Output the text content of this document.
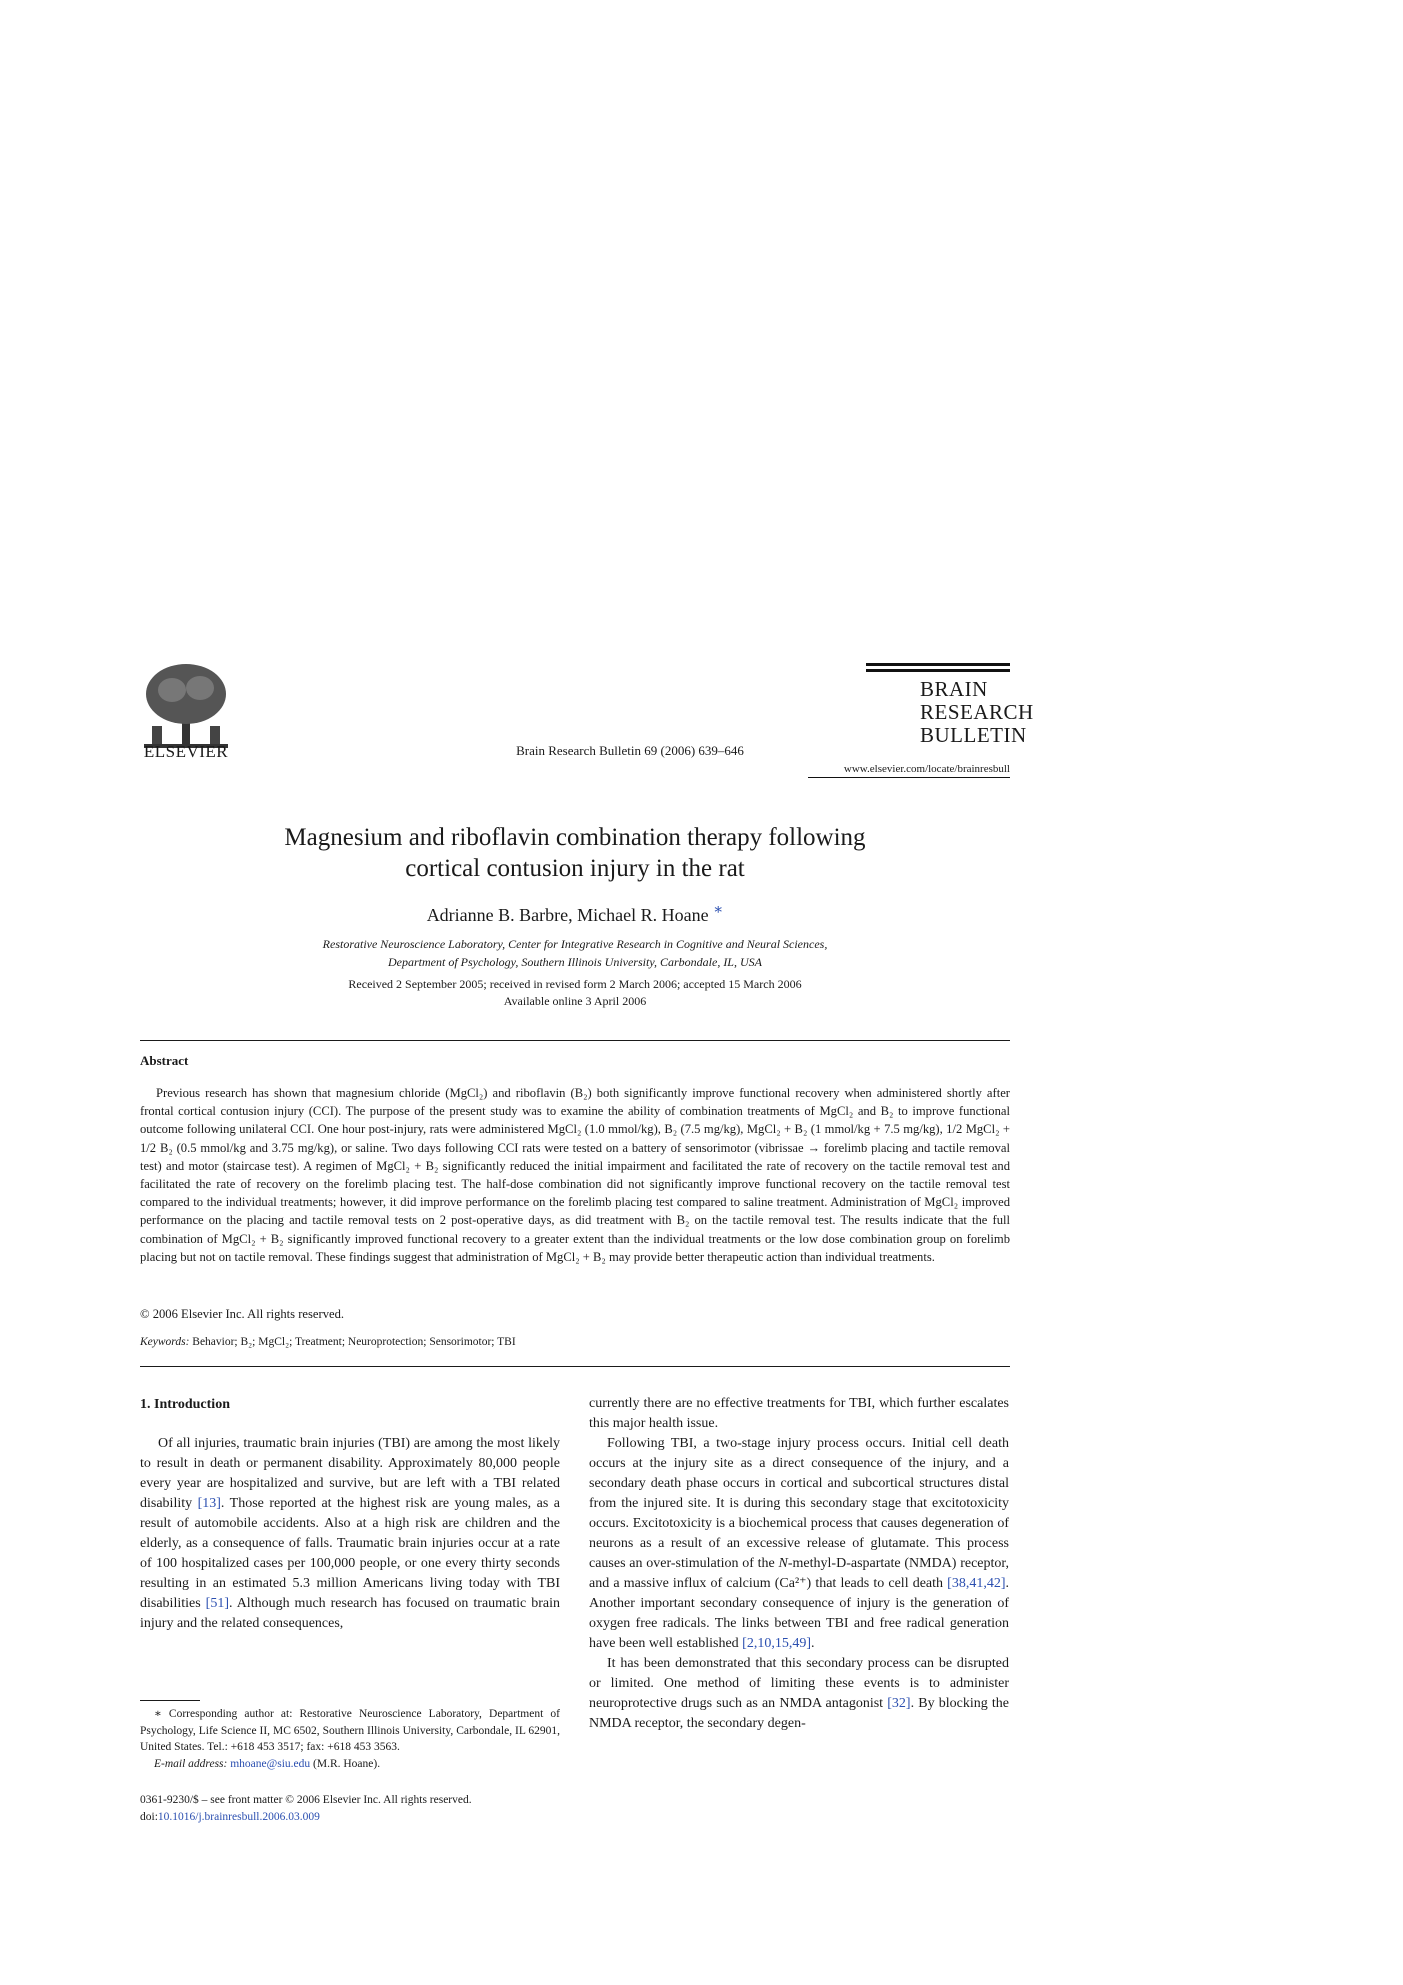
ELSEVIER	Brain Research Bulletin 69 (2006) 639–646
BRAIN
RESEARCH
BULLETIN
www.elsevier.com/locate/brainresbull
Magnesium and riboflavin combination therapy following
cortical contusion injury in the rat
Adrianne B. Barbre, Michael R. Hoane ∗
Restorative Neuroscience Laboratory, Center for Integrative Research in Cognitive and Neural Sciences,
Department of Psychology, Southern Illinois University, Carbondale, IL, USA
Received 2 September 2005; received in revised form 2 March 2006; accepted 15 March 2006
Available online 3 April 2006
Abstract

Previous research has shown that magnesium chloride (MgCl₂) and riboflavin (B₂) both significantly improve functional recovery when administered shortly after frontal cortical contusion injury (CCI). The purpose of the present study was to examine the ability of combination treatments of MgCl₂ and B₂ to improve functional outcome following unilateral CCI. One hour post-injury, rats were administered MgCl₂ (1.0 mmol/kg), B₂ (7.5 mg/kg), MgCl₂ + B₂ (1 mmol/kg + 7.5 mg/kg), 1/2 MgCl₂ + 1/2 B₂ (0.5 mmol/kg and 3.75 mg/kg), or saline. Two days following CCI rats were tested on a battery of sensorimotor (vibrissae → forelimb placing and tactile removal test) and motor (staircase test). A regimen of MgCl₂ + B₂ significantly reduced the initial impairment and facilitated the rate of recovery on the tactile removal test and facilitated the rate of recovery on the forelimb placing test. The half-dose combination did not significantly improve functional recovery on the tactile removal test compared to the individual treatments; however, it did improve performance on the forelimb placing test compared to saline treatment. Administration of MgCl₂ improved performance on the placing and tactile removal tests on 2 post-operative days, as did treatment with B₂ on the tactile removal test. The results indicate that the full combination of MgCl₂ + B₂ significantly improved functional recovery to a greater extent than the individual treatments or the low dose combination group on forelimb placing but not on tactile removal. These findings suggest that administration of MgCl₂ + B₂ may provide better therapeutic action than individual treatments.

© 2006 Elsevier Inc. All rights reserved.
Keywords: Behavior; B₂; MgCl₂; Treatment; Neuroprotection; Sensorimotor; TBI
1. Introduction

Of all injuries, traumatic brain injuries (TBI) are among the most likely to result in death or permanent disability. Approximately 80,000 people every year are hospitalized and survive, but are left with a TBI related disability [13]. Those reported at the highest risk are young males, as a result of automobile accidents. Also at a high risk are children and the elderly, as a consequence of falls. Traumatic brain injuries occur at a rate of 100 hospitalized cases per 100,000 people, or one every thirty seconds resulting in an estimated 5.3 million Americans living today with TBI disabilities [51]. Although much research has focused on traumatic brain injury and the related consequences,

currently there are no effective treatments for TBI, which further escalates this major health issue.

Following TBI, a two-stage injury process occurs. Initial cell death occurs at the injury site as a direct consequence of the injury, and a secondary death phase occurs in cortical and subcortical structures distal from the injured site. It is during this secondary stage that excitotoxicity occurs. Excitotoxicity is a biochemical process that causes degeneration of neurons as a result of an excessive release of glutamate. This process causes an over-stimulation of the N-methyl-D-aspartate (NMDA) receptor, and a massive influx of calcium (Ca²⁺) that leads to cell death [38,41,42]. Another important secondary consequence of injury is the generation of oxygen free radicals. The links between TBI and free radical generation have been well established [2,10,15,49].

It has been demonstrated that this secondary process can be disrupted or limited. One method of limiting these events is to administer neuroprotective drugs such as an NMDA antagonist [32]. By blocking the NMDA receptor, the secondary degen-

∗ Corresponding author at: Restorative Neuroscience Laboratory, Department of Psychology, Life Science II, MC 6502, Southern Illinois University, Carbondale, IL 62901, United States. Tel.: +618 453 3517; fax: +618 453 3563.

E-mail address: mhoane@siu.edu (M.R. Hoane).

0361-9230/$ – see front matter © 2006 Elsevier Inc. All rights reserved.
doi:10.1016/j.brainresbull.2006.03.009
